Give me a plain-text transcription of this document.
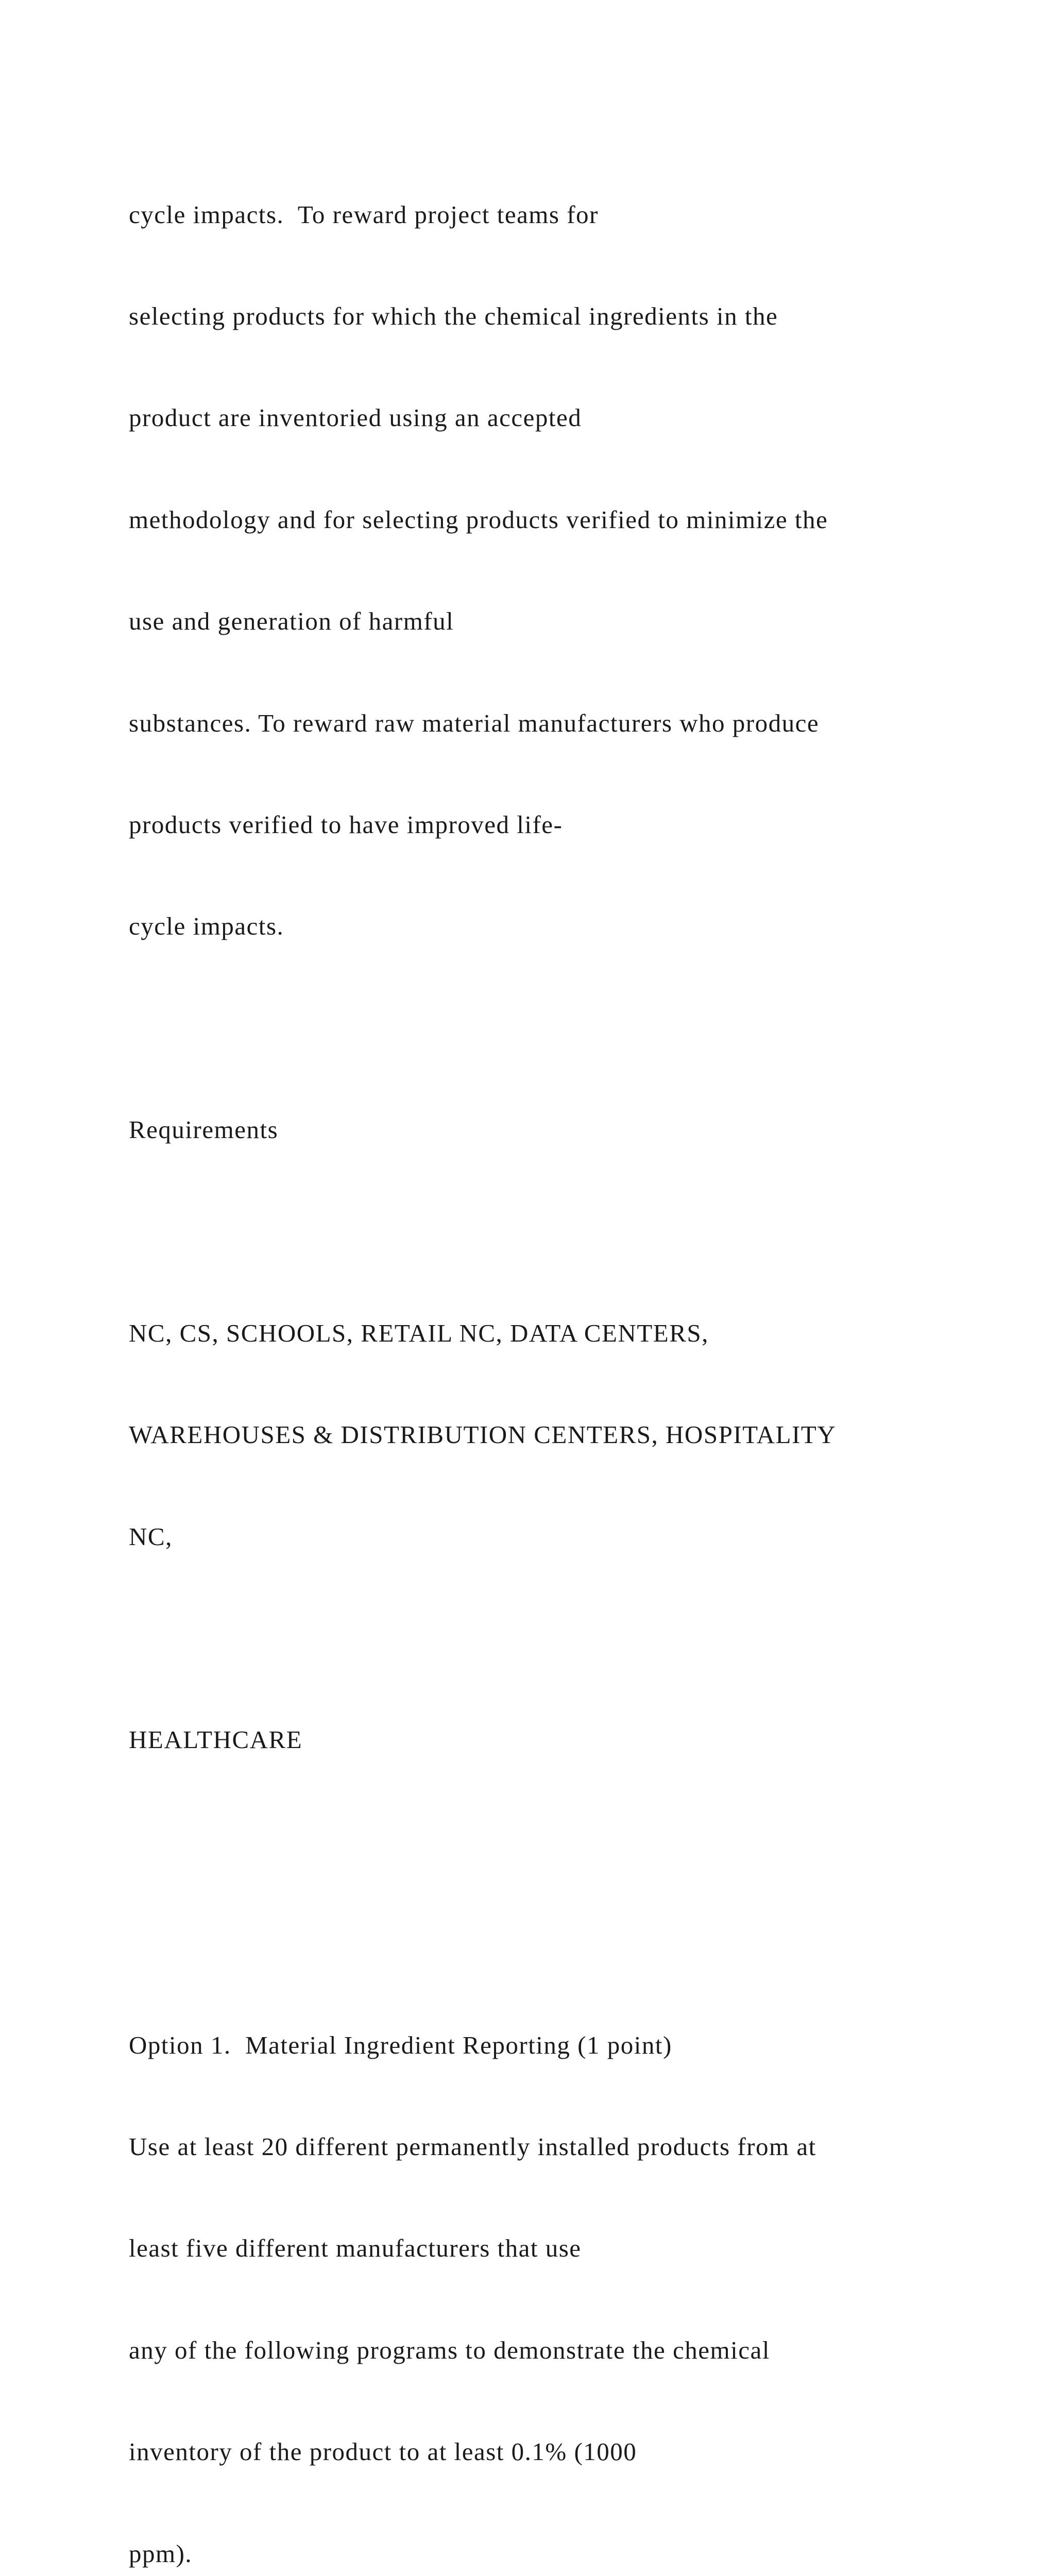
cycle impacts.  To reward project teams for

selecting products for which the chemical ingredients in the

product are inventoried using an accepted

methodology and for selecting products verified to minimize the

use and generation of harmful

substances. To reward raw material manufacturers who produce

products verified to have improved life-

cycle impacts.

Requirements

NC, CS, SCHOOLS, RETAIL NC, DATA CENTERS,

WAREHOUSES & DISTRIBUTION CENTERS, HOSPITALITY

NC,

HEALTHCARE

Option 1.  Material Ingredient Reporting (1 point)

Use at least 20 different permanently installed products from at

least five different manufacturers that use

any of the following programs to demonstrate the chemical

inventory of the product to at least 0.1% (1000

ppm).
